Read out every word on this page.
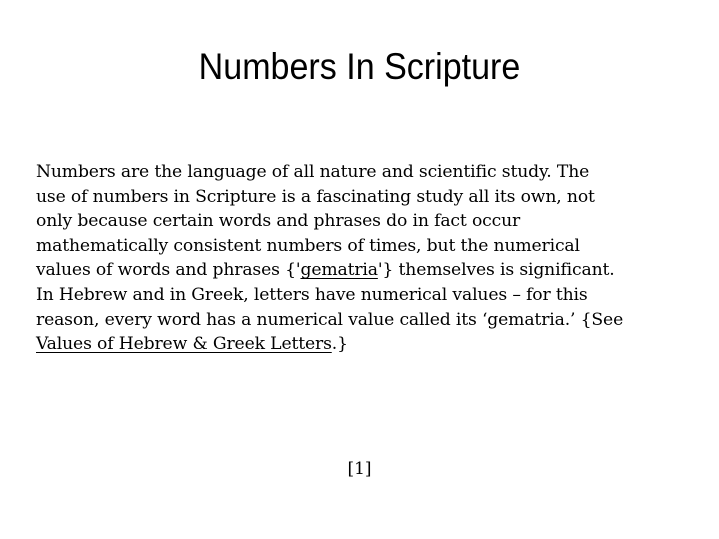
Numbers In Scripture
Numbers are the language of all nature and scientific study. The
use of numbers in Scripture is a fascinating study all its own, not
only because certain words and phrases do in fact occur
mathematically consistent numbers of times, but the numerical
values of words and phrases {'gematria'} themselves is significant.
In Hebrew and in Greek, letters have numerical values – for this
reason, every word has a numerical value called its ‘gematria.’ {See
Values of Hebrew & Greek Letters.}
[1]
